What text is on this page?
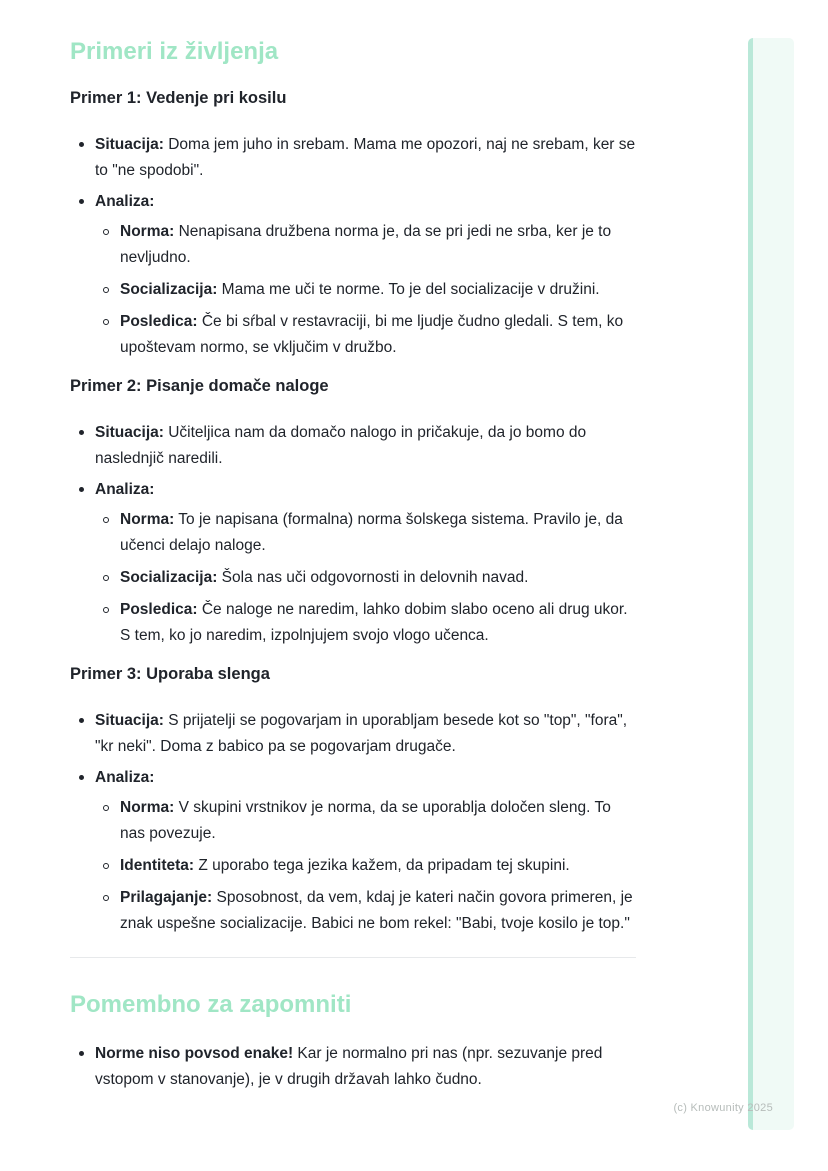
Primeri iz življenja
Primer 1: Vedenje pri kosilu
Situacija: Doma jem juho in srebam. Mama me opozori, naj ne srebam, ker se to "ne spodobi".
Analiza:
Norma: Nenapisana družbena norma je, da se pri jedi ne srba, ker je to nevljudno.
Socializacija: Mama me uči te norme. To je del socializacije v družini.
Posledica: Če bi sŕbal v restavraciji, bi me ljudje čudno gledali. S tem, ko upoštevam normo, se vključim v družbo.
Primer 2: Pisanje domače naloge
Situacija: Učiteljica nam da domačo nalogo in pričakuje, da jo bomo do naslednjič naredili.
Analiza:
Norma: To je napisana (formalna) norma šolskega sistema. Pravilo je, da učenci delajo naloge.
Socializacija: Šola nas uči odgovornosti in delovnih navad.
Posledica: Če naloge ne naredim, lahko dobim slabo oceno ali drug ukor. S tem, ko jo naredim, izpolnjujem svojo vlogo učenca.
Primer 3: Uporaba slenga
Situacija: S prijatelji se pogovarjam in uporabljam besede kot so "top", "fora", "kr neki". Doma z babico pa se pogovarjam drugače.
Analiza:
Norma: V skupini vrstnikov je norma, da se uporablja določen sleng. To nas povezuje.
Identiteta: Z uporabo tega jezika kažem, da pripadam tej skupini.
Prilagajanje: Sposobnost, da vem, kdaj je kateri način govora primeren, je znak uspešne socializacije. Babici ne bom rekel: "Babi, tvoje kosilo je top."
Pomembno za zapomniti
Norme niso povsod enake! Kar je normalno pri nas (npr. sezuvanje pred vstopom v stanovanje), je v drugih državah lahko čudno.
(c) Knowunity 2025
